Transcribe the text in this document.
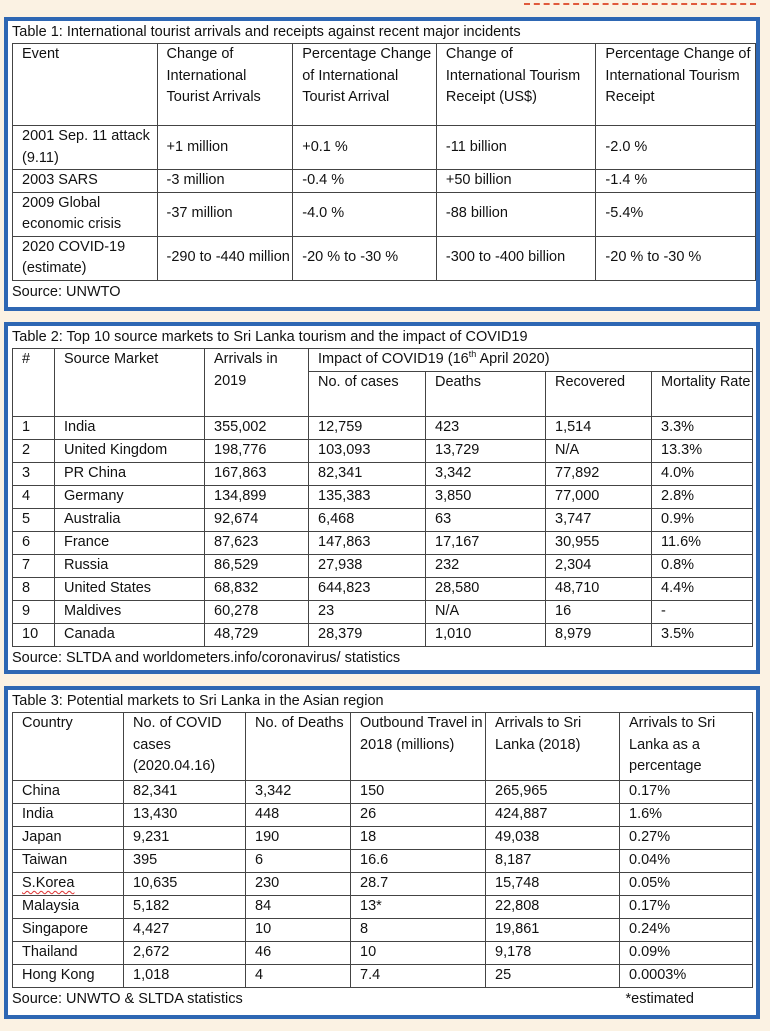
Table 1: International tourist arrivals and receipts against recent major incidents
Event	Change of International Tourist Arrivals	Percentage Change of International Tourist Arrival	Change of International Tourism Receipt (US$)	Percentage Change of International Tourism Receipt
2001 Sep. 11 attack (9.11)	+1 million	+0.1 %	-11 billion	-2.0 %
2003 SARS	-3 million	-0.4 %	+50 billion	-1.4 %
2009 Global economic crisis	-37 million	-4.0 %	-88 billion	-5.4%
2020 COVID-19 (estimate)	-290 to -440 million	-20 % to -30 %	-300 to -400 billion	-20 % to -30 %
Source: UNWTO
Table 2: Top 10 source markets to Sri Lanka tourism and the impact of COVID19
#	Source Market	Arrivals in 2019	Impact of COVID19 (16th April 2020)			
			No. of cases	Deaths	Recovered	Mortality Rate
1	India	355,002	12,759	423	1,514	3.3%
2	United Kingdom	198,776	103,093	13,729	N/A	13.3%
3	PR China	167,863	82,341	3,342	77,892	4.0%
4	Germany	134,899	135,383	3,850	77,000	2.8%
5	Australia	92,674	6,468	63	3,747	0.9%
6	France	87,623	147,863	17,167	30,955	11.6%
7	Russia	86,529	27,938	232	2,304	0.8%
8	United States	68,832	644,823	28,580	48,710	4.4%
9	Maldives	60,278	23	N/A	16	-
10	Canada	48,729	28,379	1,010	8,979	3.5%
Source: SLTDA and worldometers.info/coronavirus/ statistics
Table 3: Potential markets to Sri Lanka in the Asian region
Country	No. of COVID cases (2020.04.16)	No. of Deaths	Outbound Travel in 2018 (millions)	Arrivals to Sri Lanka (2018)	Arrivals to Sri Lanka as a percentage
China	82,341	3,342	150	265,965	0.17%
India	13,430	448	26	424,887	1.6%
Japan	9,231	190	18	49,038	0.27%
Taiwan	395	6	16.6	8,187	0.04%
S.Korea	10,635	230	28.7	15,748	0.05%
Malaysia	5,182	84	13*	22,808	0.17%
Singapore	4,427	10	8	19,861	0.24%
Thailand	2,672	46	10	9,178	0.09%
Hong Kong	1,018	4	7.4	25	0.0003%
Source: UNWTO & SLTDA statistics	*estimated
